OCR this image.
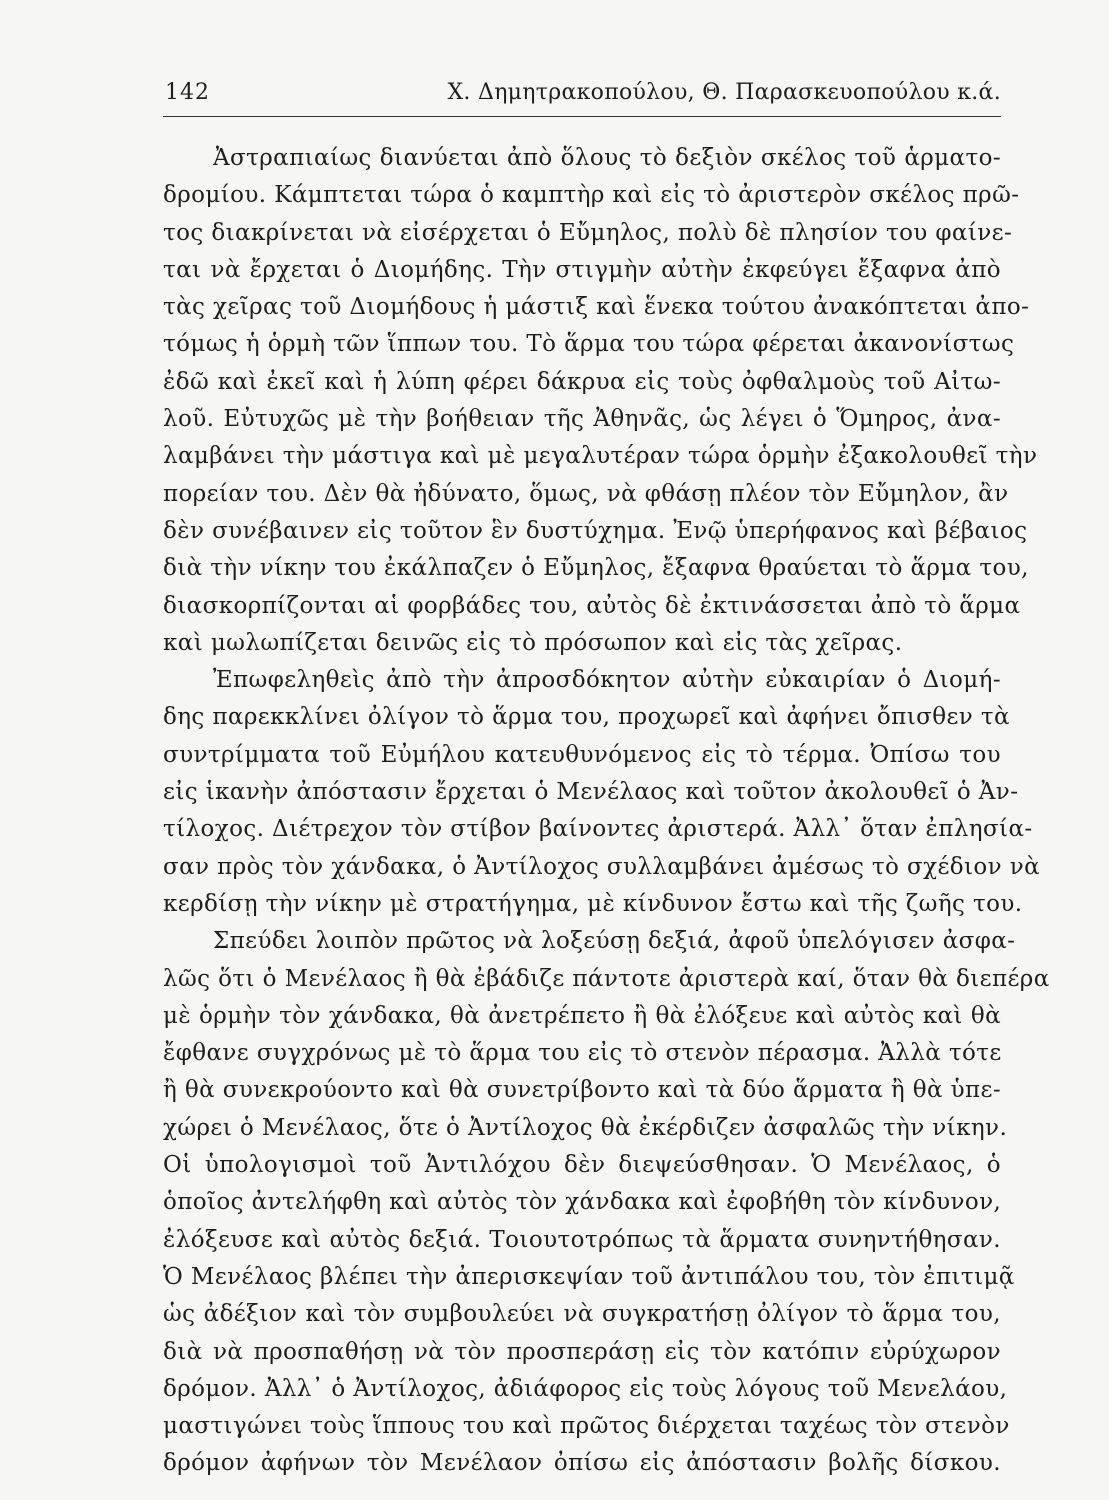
142	Χ. Δημητρακοπούλου, Θ. Παρασκευοπούλου κ.ά.
Ἀστραπιαίως διανύεται ἀπὸ ὅλους τὸ δεξιὸν σκέλος τοῦ ἁρματο-
δρομίου. Κάμπτεται τώρα ὁ καμπτὴρ καὶ εἰς τὸ ἀριστερὸν σκέλος πρῶ-
τος διακρίνεται νὰ εἰσέρχεται ὁ Εὔμηλος, πολὺ δὲ πλησίον του φαίνε-
ται νὰ ἔρχεται ὁ Διομήδης. Τὴν στιγμὴν αὐτὴν ἐκφεύγει ἔξαφνα ἀπὸ
τὰς χεῖρας τοῦ Διομήδους ἡ μάστιξ καὶ ἕνεκα τούτου ἀνακόπτεται ἀπο-
τόμως ἡ ὁρμὴ τῶν ἵππων του. Τὸ ἅρμα του τώρα φέρεται ἀκανονίστως
ἐδῶ καὶ ἐκεῖ καὶ ἡ λύπη φέρει δάκρυα εἰς τοὺς ὀφθαλμοὺς τοῦ Αἰτω-
λοῦ. Εὐτυχῶς μὲ τὴν βοήθειαν τῆς Ἀθηνᾶς, ὡς λέγει ὁ Ὅμηρος, ἀνα-
λαμβάνει τὴν μάστιγα καὶ μὲ μεγαλυτέραν τώρα ὁρμὴν ἐξακολουθεῖ τὴν
πορείαν του. Δὲν θὰ ἠδύνατο, ὅμως, νὰ φθάσῃ πλέον τὸν Εὔμηλον, ἂν
δὲν συνέβαινεν εἰς τοῦτον ἓν δυστύχημα. Ἐνῷ ὑπερήφανος καὶ βέβαιος
διὰ τὴν νίκην του ἐκάλπαζεν ὁ Εὔμηλος, ἔξαφνα θραύεται τὸ ἅρμα του,
διασκορπίζονται αἱ φορβάδες του, αὐτὸς δὲ ἐκτινάσσεται ἀπὸ τὸ ἅρμα
καὶ μωλωπίζεται δεινῶς εἰς τὸ πρόσωπον καὶ εἰς τὰς χεῖρας.
Ἐπωφεληθεὶς ἀπὸ τὴν ἀπροσδόκητον αὐτὴν εὐκαιρίαν ὁ Διομή-
δης παρεκκλίνει ὀλίγον τὸ ἅρμα του, προχωρεῖ καὶ ἀφήνει ὄπισθεν τὰ
συντρίμματα τοῦ Εὐμήλου κατευθυνόμενος εἰς τὸ τέρμα. Ὀπίσω του
εἰς ἱκανὴν ἀπόστασιν ἔρχεται ὁ Μενέλαος καὶ τοῦτον ἀκολουθεῖ ὁ Ἀν-
τίλοχος. Διέτρεχον τὸν στίβον βαίνοντες ἀριστερά. Ἀλλ᾽ ὅταν ἐπλησία-
σαν πρὸς τὸν χάνδακα, ὁ Ἀντίλοχος συλλαμβάνει ἀμέσως τὸ σχέδιον νὰ
κερδίσῃ τὴν νίκην μὲ στρατήγημα, μὲ κίνδυνον ἔστω καὶ τῆς ζωῆς του.
Σπεύδει λοιπὸν πρῶτος νὰ λοξεύσῃ δεξιά, ἀφοῦ ὑπελόγισεν ἀσφα-
λῶς ὅτι ὁ Μενέλαος ἢ θὰ ἐβάδιζε πάντοτε ἀριστερὰ καί, ὅταν θὰ διεπέρα
μὲ ὁρμὴν τὸν χάνδακα, θὰ ἀνετρέπετο ἢ θὰ ἐλόξευε καὶ αὐτὸς καὶ θὰ
ἔφθανε συγχρόνως μὲ τὸ ἅρμα του εἰς τὸ στενὸν πέρασμα. Ἀλλὰ τότε
ἢ θὰ συνεκρούοντο καὶ θὰ συνετρίβοντο καὶ τὰ δύο ἅρματα ἢ θὰ ὑπε-
χώρει ὁ Μενέλαος, ὅτε ὁ Ἀντίλοχος θὰ ἐκέρδιζεν ἀσφαλῶς τὴν νίκην.
Οἱ ὑπολογισμοὶ τοῦ Ἀντιλόχου δὲν διεψεύσθησαν. Ὁ Μενέλαος, ὁ
ὁποῖος ἀντελήφθη καὶ αὐτὸς τὸν χάνδακα καὶ ἐφοβήθη τὸν κίνδυνον,
ἐλόξευσε καὶ αὐτὸς δεξιά. Τοιουτοτρόπως τὰ ἅρματα συνηντήθησαν.
Ὁ Μενέλαος βλέπει τὴν ἀπερισκεψίαν τοῦ ἀντιπάλου του, τὸν ἐπιτιμᾷ
ὡς ἀδέξιον καὶ τὸν συμβουλεύει νὰ συγκρατήσῃ ὀλίγον τὸ ἅρμα του,
διὰ νὰ προσπαθήσῃ νὰ τὸν προσπεράσῃ εἰς τὸν κατόπιν εὐρύχωρον
δρόμον. Ἀλλ᾽ ὁ Ἀντίλοχος, ἀδιάφορος εἰς τοὺς λόγους τοῦ Μενελάου,
μαστιγώνει τοὺς ἵππους του καὶ πρῶτος διέρχεται ταχέως τὸν στενὸν
δρόμον ἀφήνων τὸν Μενέλαον ὀπίσω εἰς ἀπόστασιν βολῆς δίσκου.
